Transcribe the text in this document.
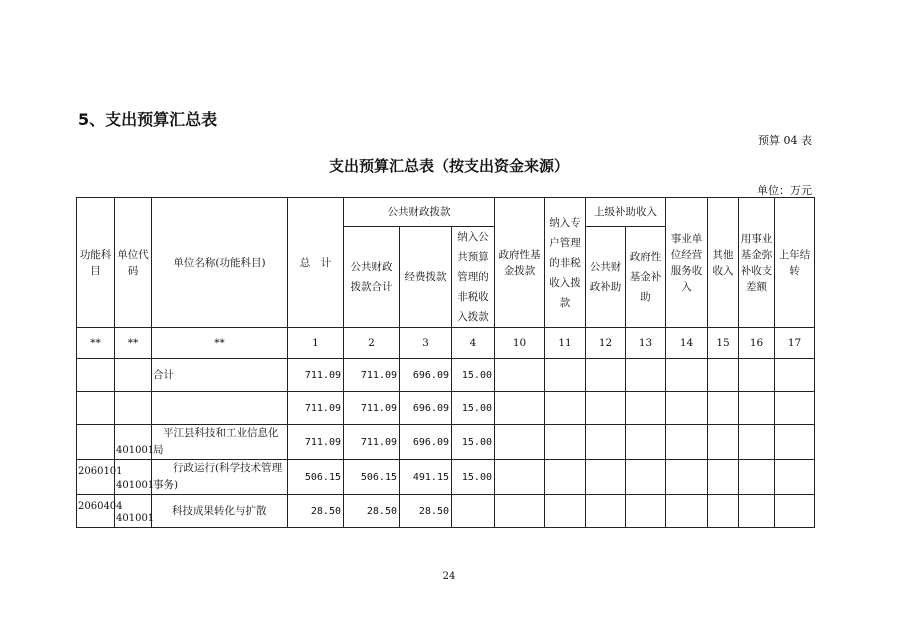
5、支出预算汇总表
预算 04 表
支出预算汇总表（按支出资金来源）
单位：万元
功能科目	单位代码	单位名称(功能科目)	总　计	公共财政拨款			政府性基金拨款	纳入专户管理的非税收入拨款	上级补助收入		事业单位经营服务收入	其他收入	用事业基金弥补收支差额	上年结转
				公共财政拨款合计	经费拨款	纳入公共预算管理的非税收入拨款			公共财政补助	政府性基金补助				
**	**	**	1	2	3	4	10	11	12	13	14	15	16	17
		合计	711.09	711.09	696.09	15.00								
			711.09	711.09	696.09	15.00								

	401001	平江县科技和工业信息化
局	711.09	711.09	696.09	15.00								

2060101	401001	行政运行(科学技术管理
事务)	506.15	506.15	491.15	15.00								

2060404	401001	科技成果转化与扩散	28.50	28.50	28.50									
24
